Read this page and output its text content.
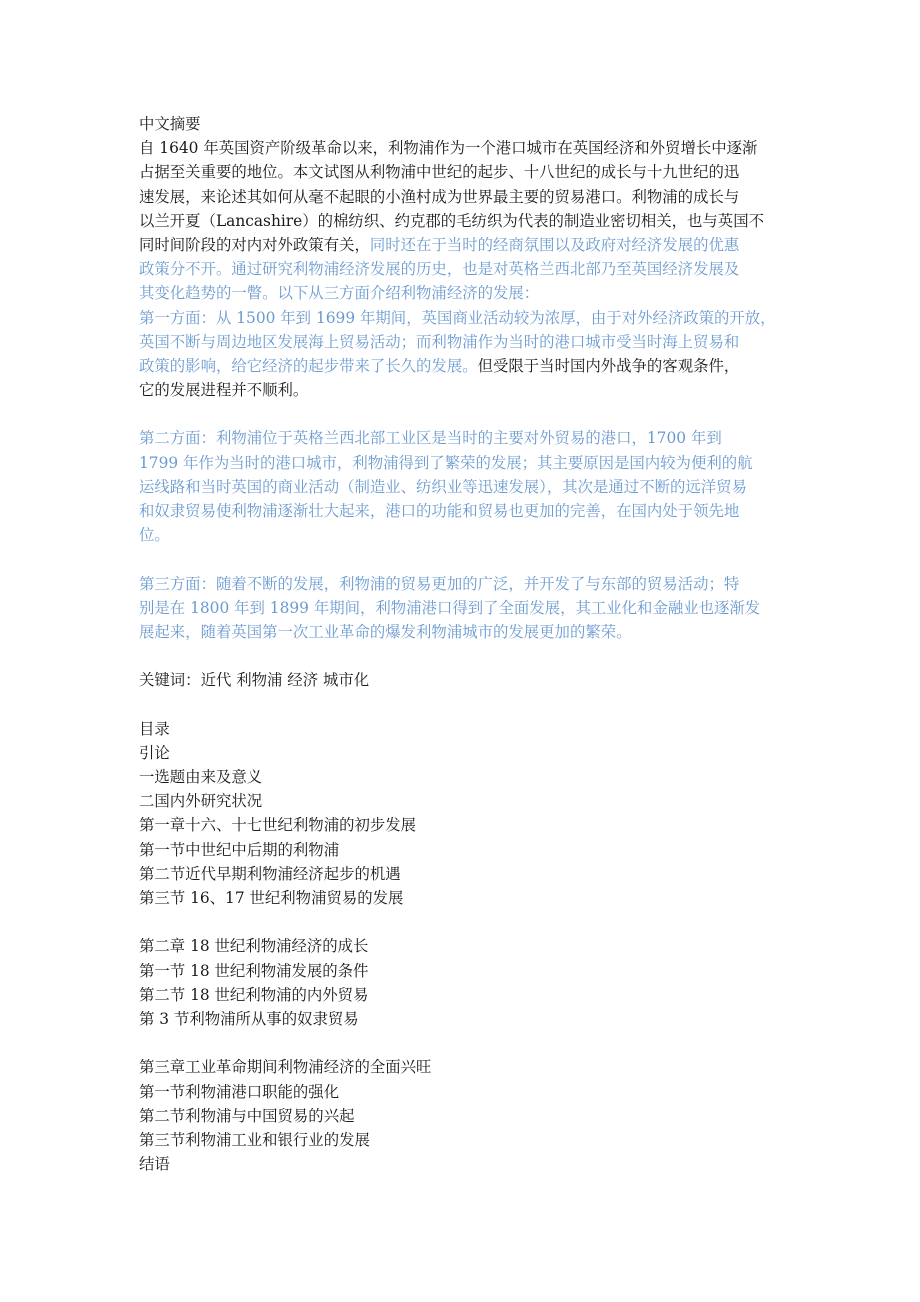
中文摘要
自 1640 年英国资产阶级革命以来，利物浦作为一个港口城市在英国经济和外贸增长中逐渐
占据至关重要的地位。本文试图从利物浦中世纪的起步、十八世纪的成长与十九世纪的迅
速发展，来论述其如何从毫不起眼的小渔村成为世界最主要的贸易港口。利物浦的成长与
以兰开夏（Lancashire）的棉纺织、约克郡的毛纺织为代表的制造业密切相关，也与英国不
同时间阶段的对内对外政策有关，同时还在于当时的经商氛围以及政府对经济发展的优惠
政策分不开。通过研究利物浦经济发展的历史，也是对英格兰西北部乃至英国经济发展及
其变化趋势的一瞥。以下从三方面介绍利物浦经济的发展：
第一方面：从 1500 年到 1699 年期间，英国商业活动较为浓厚，由于对外经济政策的开放，
英国不断与周边地区发展海上贸易活动；而利物浦作为当时的港口城市受当时海上贸易和
政策的影响，给它经济的起步带来了长久的发展。但受限于当时国内外战争的客观条件，
它的发展进程并不顺利。
第二方面：利物浦位于英格兰西北部工业区是当时的主要对外贸易的港口，1700 年到
1799 年作为当时的港口城市，利物浦得到了繁荣的发展；其主要原因是国内较为便利的航
运线路和当时英国的商业活动（制造业、纺织业等迅速发展），其次是通过不断的远洋贸易
和奴隶贸易使利物浦逐渐壮大起来，港口的功能和贸易也更加的完善，在国内处于领先地
位。
第三方面：随着不断的发展，利物浦的贸易更加的广泛，并开发了与东部的贸易活动；特
别是在 1800 年到 1899 年期间，利物浦港口得到了全面发展，其工业化和金融业也逐渐发
展起来，随着英国第一次工业革命的爆发利物浦城市的发展更加的繁荣。
关键词：近代 利物浦 经济 城市化
目录
引论
一选题由来及意义
二国内外研究状况
第一章十六、十七世纪利物浦的初步发展
第一节中世纪中后期的利物浦
第二节近代早期利物浦经济起步的机遇
第三节 16、17 世纪利物浦贸易的发展
第二章 18 世纪利物浦经济的成长
第一节 18 世纪利物浦发展的条件
第二节 18 世纪利物浦的内外贸易
第 3 节利物浦所从事的奴隶贸易
第三章工业革命期间利物浦经济的全面兴旺
第一节利物浦港口职能的强化
第二节利物浦与中国贸易的兴起
第三节利物浦工业和银行业的发展
结语
